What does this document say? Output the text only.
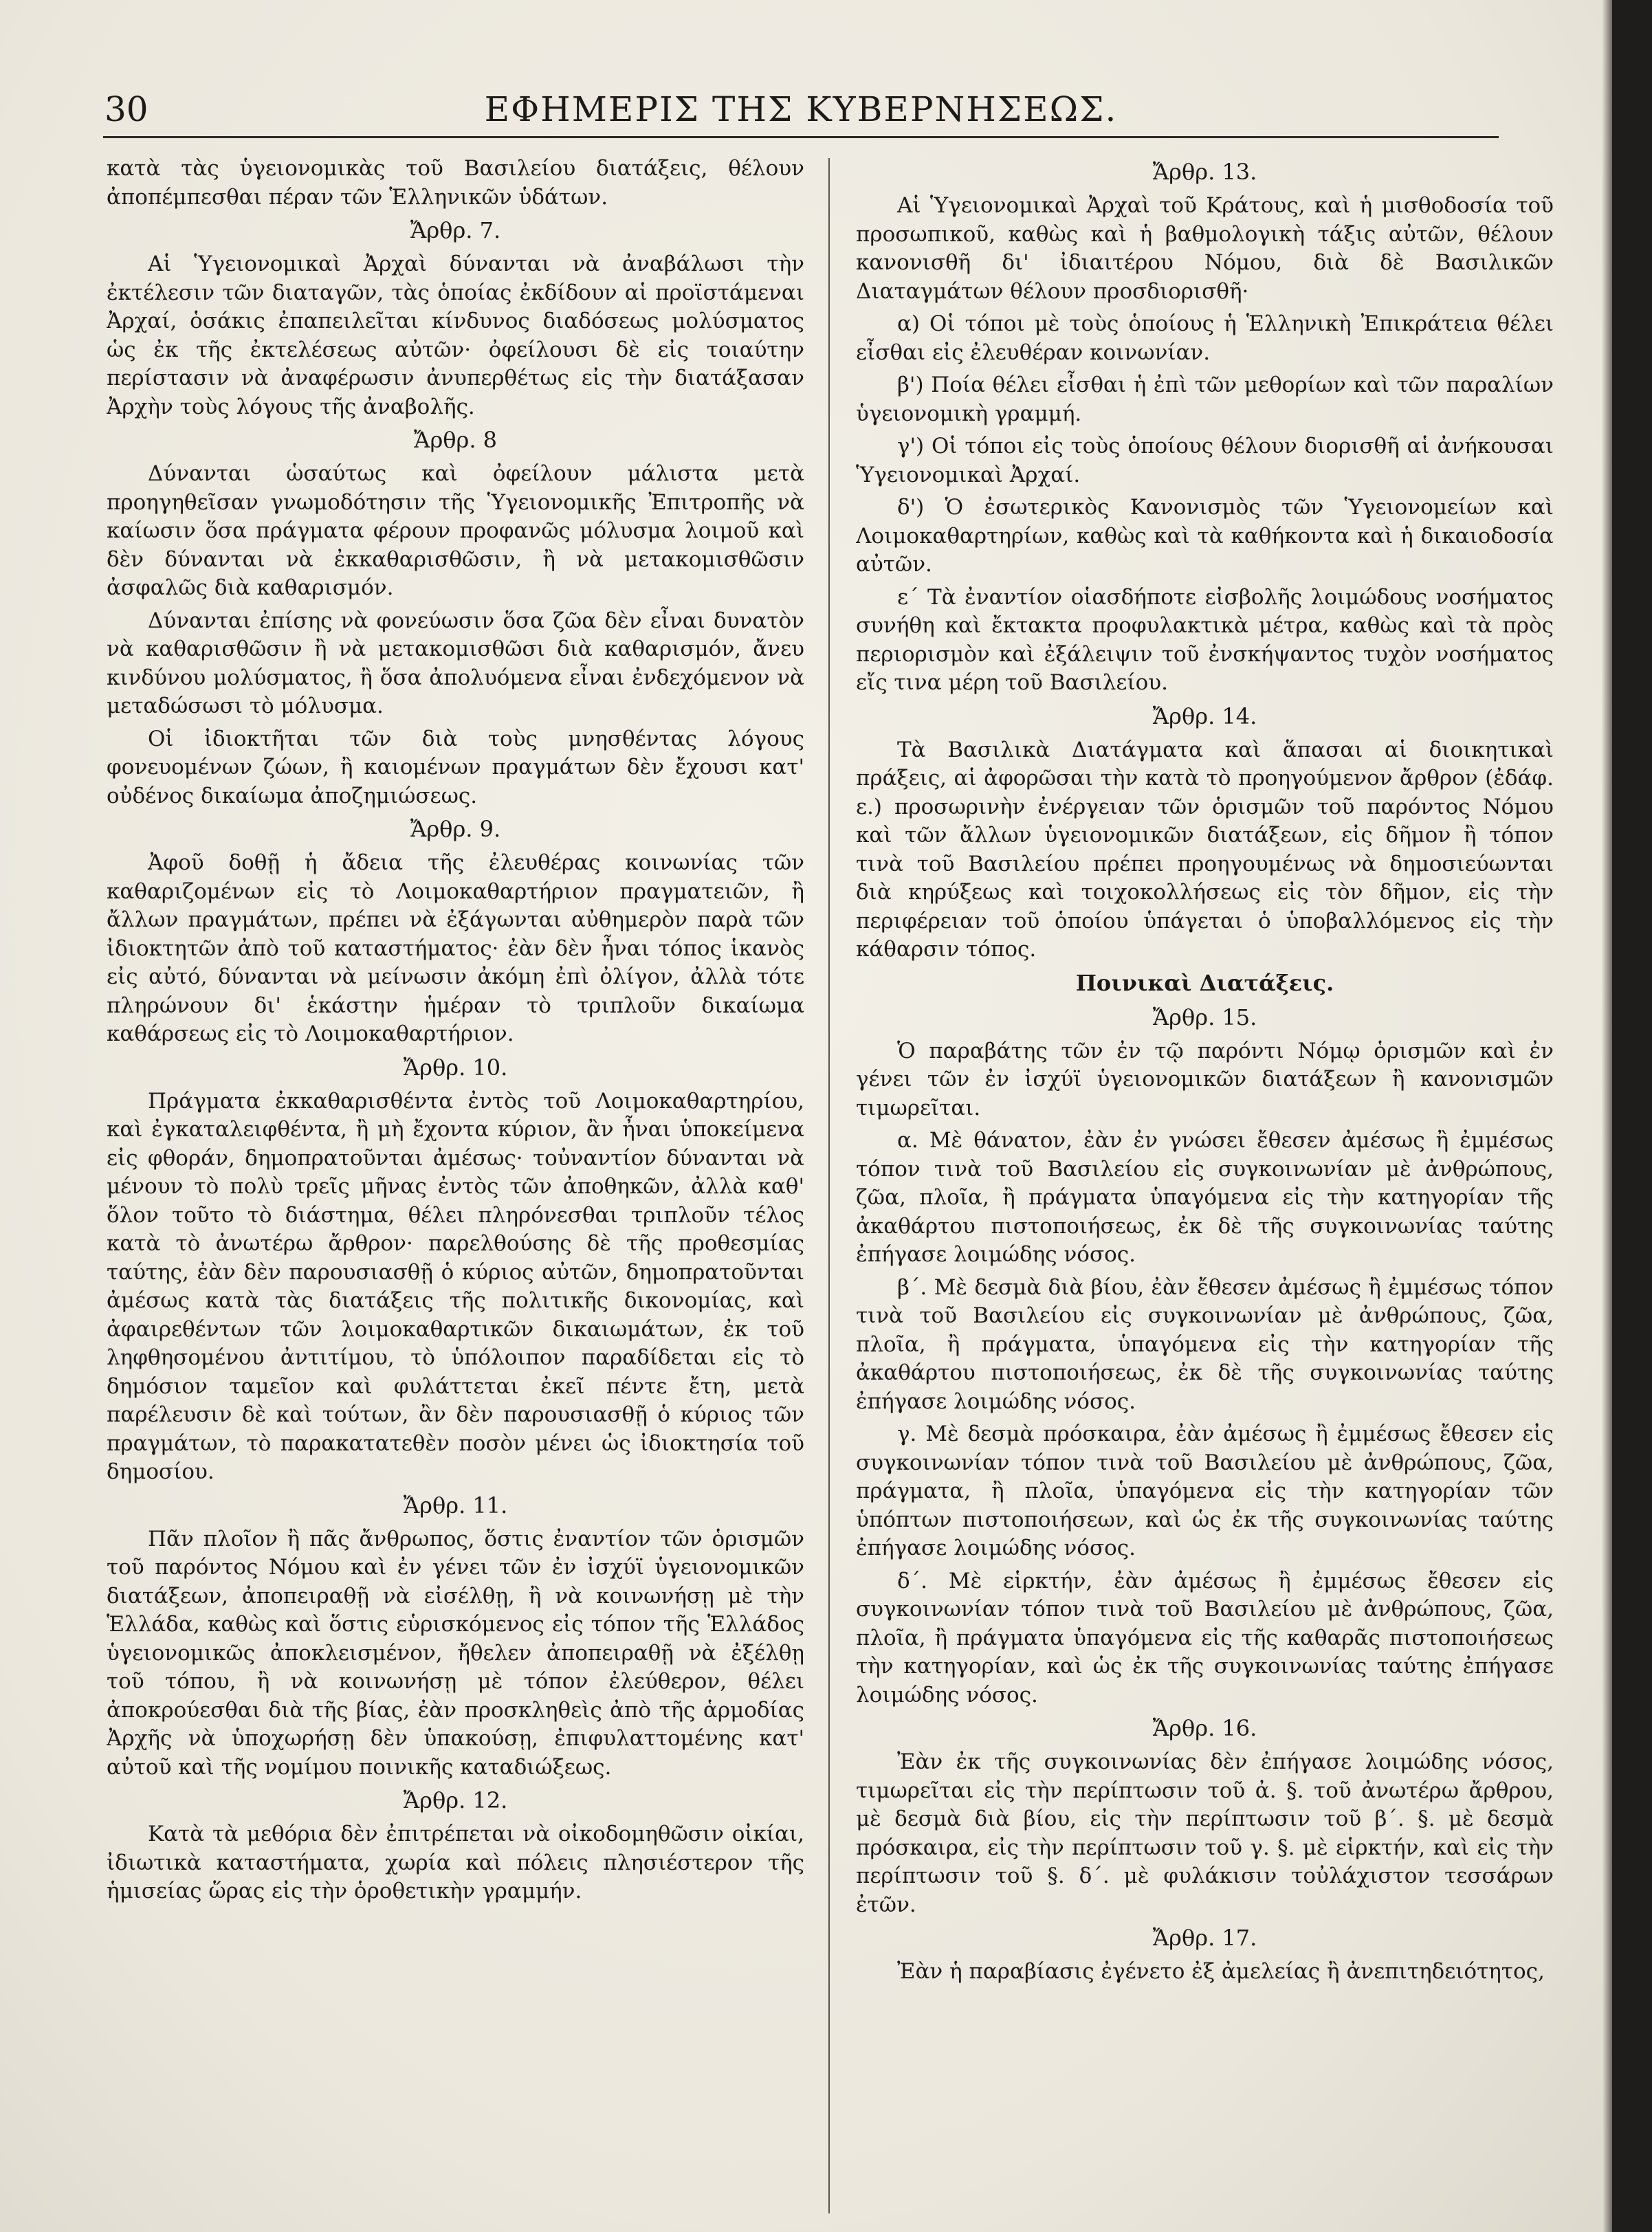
30	ΕΦΗΜΕΡΙΣ ΤΗΣ ΚΥΒΕΡΝΗΣΕΩΣ.

κατὰ τὰς ὑγειονομικὰς τοῦ Βασιλείου διατάξεις, θέλουν ἀποπέμπεσθαι πέραν τῶν Ἑλληνικῶν ὑδάτων.

Ἄρθρ. 7.

Αἱ Ὑγειονομικαὶ Ἀρχαὶ δύνανται νὰ ἀναβάλωσι τὴν ἐκτέλεσιν τῶν διαταγῶν, τὰς ὁποίας ἐκδίδουν αἱ προϊστάμεναι Ἀρχαί, ὁσάκις ἐπαπειλεῖται κίνδυνος διαδόσεως μολύσματος ὡς ἐκ τῆς ἐκτελέσεως αὐτῶν· ὀφείλουσι δὲ εἰς τοιαύτην περίστασιν νὰ ἀναφέρωσιν ἀνυπερθέτως εἰς τὴν διατάξασαν Ἀρχὴν τοὺς λόγους τῆς ἀναβολῆς.

Ἄρθρ. 8

Δύνανται ὡσαύτως καὶ ὀφείλουν μάλιστα μετὰ προηγηθεῖσαν γνωμοδότησιν τῆς Ὑγειονομικῆς Ἐπιτροπῆς νὰ καίωσιν ὅσα πράγματα φέρουν προφανῶς μόλυσμα λοιμοῦ καὶ δὲν δύνανται νὰ ἐκκαθαρισθῶσιν, ἢ νὰ μετακομισθῶσιν ἀσφαλῶς διὰ καθαρισμόν.

Δύνανται ἐπίσης νὰ φονεύωσιν ὅσα ζῶα δὲν εἶναι δυνατὸν νὰ καθαρισθῶσιν ἢ νὰ μετακομισθῶσι διὰ καθαρισμόν, ἄνευ κινδύνου μολύσματος, ἢ ὅσα ἀπολυόμενα εἶναι ἐνδεχόμενον νὰ μεταδώσωσι τὸ μόλυσμα.

Οἱ ἰδιοκτῆται τῶν διὰ τοὺς μνησθέντας λόγους φονευομένων ζώων, ἢ καιομένων πραγμάτων δὲν ἔχουσι κατ' οὐδένος δικαίωμα ἀποζημιώσεως.

Ἄρθρ. 9.

Ἀφοῦ δοθῇ ἡ ἄδεια τῆς ἐλευθέρας κοινωνίας τῶν καθαριζομένων εἰς τὸ Λοιμοκαθαρτήριον πραγματειῶν, ἢ ἄλλων πραγμάτων, πρέπει νὰ ἐξάγωνται αὐθημερὸν παρὰ τῶν ἰδιοκτητῶν ἀπὸ τοῦ καταστήματος· ἐὰν δὲν ἦναι τόπος ἱκανὸς εἰς αὐτό, δύνανται νὰ μείνωσιν ἀκόμη ἐπὶ ὀλίγον, ἀλλὰ τότε πληρώνουν δι' ἑκάστην ἡμέραν τὸ τριπλοῦν δικαίωμα καθάρσεως εἰς τὸ Λοιμοκαθαρτήριον.

Ἄρθρ. 10.

Πράγματα ἐκκαθαρισθέντα ἐντὸς τοῦ Λοιμοκαθαρτηρίου, καὶ ἐγκαταλειφθέντα, ἢ μὴ ἔχοντα κύριον, ἂν ἦναι ὑποκείμενα εἰς φθοράν, δημοπρατοῦνται ἀμέσως· τοὐναντίον δύνανται νὰ μένουν τὸ πολὺ τρεῖς μῆνας ἐντὸς τῶν ἀποθηκῶν, ἀλλὰ καθ' ὅλον τοῦτο τὸ διάστημα, θέλει πληρόνεσθαι τριπλοῦν τέλος κατὰ τὸ ἀνωτέρω ἄρθρον· παρελθούσης δὲ τῆς προθεσμίας ταύτης, ἐὰν δὲν παρουσιασθῇ ὁ κύριος αὐτῶν, δημοπρατοῦνται ἀμέσως κατὰ τὰς διατάξεις τῆς πολιτικῆς δικονομίας, καὶ ἀφαιρεθέντων τῶν λοιμοκαθαρτικῶν δικαιωμάτων, ἐκ τοῦ ληφθησομένου ἀντιτίμου, τὸ ὑπόλοιπον παραδίδεται εἰς τὸ δημόσιον ταμεῖον καὶ φυλάττεται ἐκεῖ πέντε ἔτη, μετὰ παρέλευσιν δὲ καὶ τούτων, ἂν δὲν παρουσιασθῇ ὁ κύριος τῶν πραγμάτων, τὸ παρακατατεθὲν ποσὸν μένει ὡς ἰδιοκτησία τοῦ δημοσίου.

Ἄρθρ. 11.

Πᾶν πλοῖον ἢ πᾶς ἄνθρωπος, ὅστις ἐναντίον τῶν ὁρισμῶν τοῦ παρόντος Νόμου καὶ ἐν γένει τῶν ἐν ἰσχύϊ ὑγειονομικῶν διατάξεων, ἀποπειραθῇ νὰ εἰσέλθῃ, ἢ νὰ κοινωνήσῃ μὲ τὴν Ἑλλάδα, καθὼς καὶ ὅστις εὑρισκόμενος εἰς τόπον τῆς Ἑλλάδος ὑγειονομικῶς ἀποκλεισμένον, ἤθελεν ἀποπειραθῇ νὰ ἐξέλθῃ τοῦ τόπου, ἢ νὰ κοινωνήσῃ μὲ τόπον ἐλεύθερον, θέλει ἀποκρούεσθαι διὰ τῆς βίας, ἐὰν προσκληθεὶς ἀπὸ τῆς ἁρμοδίας Ἀρχῆς νὰ ὑποχωρήσῃ δὲν ὑπακούσῃ, ἐπιφυλαττομένης κατ' αὐτοῦ καὶ τῆς νομίμου ποινικῆς καταδιώξεως.

Ἄρθρ. 12.

Κατὰ τὰ μεθόρια δὲν ἐπιτρέπεται νὰ οἰκοδομηθῶσιν οἰκίαι, ἰδιωτικὰ καταστήματα, χωρία καὶ πόλεις πλησιέστερον τῆς ἡμισείας ὥρας εἰς τὴν ὁροθετικὴν γραμμήν.

Ἄρθρ. 13.

Αἱ Ὑγειονομικαὶ Ἀρχαὶ τοῦ Κράτους, καὶ ἡ μισθοδοσία τοῦ προσωπικοῦ, καθὼς καὶ ἡ βαθμολογικὴ τάξις αὐτῶν, θέλουν κανονισθῆ δι' ἰδιαιτέρου Νόμου, διὰ δὲ Βασιλικῶν Διαταγμάτων θέλουν προσδιορισθῆ·

α) Οἱ τόποι μὲ τοὺς ὁποίους ἡ Ἑλληνικὴ Ἐπικράτεια θέλει εἶσθαι εἰς ἐλευθέραν κοινωνίαν.

β') Ποία θέλει εἶσθαι ἡ ἐπὶ τῶν μεθορίων καὶ τῶν παραλίων ὑγειονομικὴ γραμμή.

γ') Οἱ τόποι εἰς τοὺς ὁποίους θέλουν διορισθῆ αἱ ἀνήκουσαι Ὑγειονομικαὶ Ἀρχαί.

δ') Ὁ ἐσωτερικὸς Κανονισμὸς τῶν Ὑγειονομείων καὶ Λοιμοκαθαρτηρίων, καθὼς καὶ τὰ καθήκοντα καὶ ἡ δικαιοδοσία αὐτῶν.

ε΄ Τὰ ἐναντίον οἱασδήποτε εἰσβολῆς λοιμώδους νοσήματος συνήθη καὶ ἔκτακτα προφυλακτικὰ μέτρα, καθὼς καὶ τὰ πρὸς περιορισμὸν καὶ ἐξάλειψιν τοῦ ἐνσκήψαντος τυχὸν νοσήματος εἴς τινα μέρη τοῦ Βασιλείου.

Ἄρθρ. 14.

Τὰ Βασιλικὰ Διατάγματα καὶ ἅπασαι αἱ διοικητικαὶ πράξεις, αἱ ἀφορῶσαι τὴν κατὰ τὸ προηγούμενον ἄρθρον (ἐδάφ. ε.) προσωρινὴν ἐνέργειαν τῶν ὁρισμῶν τοῦ παρόντος Νόμου καὶ τῶν ἄλλων ὑγειονομικῶν διατάξεων, εἰς δῆμον ἢ τόπον τινὰ τοῦ Βασιλείου πρέπει προηγουμένως νὰ δημοσιεύωνται διὰ κηρύξεως καὶ τοιχοκολλήσεως εἰς τὸν δῆμον, εἰς τὴν περιφέρειαν τοῦ ὁποίου ὑπάγεται ὁ ὑποβαλλόμενος εἰς τὴν κάθαρσιν τόπος.

Ποινικαὶ Διατάξεις.
Ἄρθρ. 15.

Ὁ παραβάτης τῶν ἐν τῷ παρόντι Νόμῳ ὁρισμῶν καὶ ἐν γένει τῶν ἐν ἰσχύϊ ὑγειονομικῶν διατάξεων ἢ κανονισμῶν τιμωρεῖται.

α. Μὲ θάνατον, ἐὰν ἐν γνώσει ἔθεσεν ἀμέσως ἢ ἐμμέσως τόπον τινὰ τοῦ Βασιλείου εἰς συγκοινωνίαν μὲ ἀνθρώπους, ζῶα, πλοῖα, ἢ πράγματα ὑπαγόμενα εἰς τὴν κατηγορίαν τῆς ἀκαθάρτου πιστοποιήσεως, ἐκ δὲ τῆς συγκοινωνίας ταύτης ἐπήγασε λοιμώδης νόσος.

β΄. Μὲ δεσμὰ διὰ βίου, ἐὰν ἔθεσεν ἀμέσως ἢ ἐμμέσως τόπον τινὰ τοῦ Βασιλείου εἰς συγκοινωνίαν μὲ ἀνθρώπους, ζῶα, πλοῖα, ἢ πράγματα, ὑπαγόμενα εἰς τὴν κατηγορίαν τῆς ἀκαθάρτου πιστοποιήσεως, ἐκ δὲ τῆς συγκοινωνίας ταύτης ἐπήγασε λοιμώδης νόσος.

γ. Μὲ δεσμὰ πρόσκαιρα, ἐὰν ἀμέσως ἢ ἐμμέσως ἔθεσεν εἰς συγκοινωνίαν τόπον τινὰ τοῦ Βασιλείου μὲ ἀνθρώπους, ζῶα, πράγματα, ἢ πλοῖα, ὑπαγόμενα εἰς τὴν κατηγορίαν τῶν ὑπόπτων πιστοποιήσεων, καὶ ὡς ἐκ τῆς συγκοινωνίας ταύτης ἐπήγασε λοιμώδης νόσος.

δ΄. Μὲ εἱρκτήν, ἐὰν ἀμέσως ἢ ἐμμέσως ἔθεσεν εἰς συγκοινωνίαν τόπον τινὰ τοῦ Βασιλείου μὲ ἀνθρώπους, ζῶα, πλοῖα, ἢ πράγματα ὑπαγόμενα εἰς τῆς καθαρᾶς πιστοποιήσεως τὴν κατηγορίαν, καὶ ὡς ἐκ τῆς συγκοινωνίας ταύτης ἐπήγασε λοιμώδης νόσος.

Ἄρθρ. 16.

Ἐὰν ἐκ τῆς συγκοινωνίας δὲν ἐπήγασε λοιμώδης νόσος, τιμωρεῖται εἰς τὴν περίπτωσιν τοῦ ἀ. §. τοῦ ἀνωτέρω ἄρθρου, μὲ δεσμὰ διὰ βίου, εἰς τὴν περίπτωσιν τοῦ β΄. §. μὲ δεσμὰ πρόσκαιρα, εἰς τὴν περίπτωσιν τοῦ γ. §. μὲ εἱρκτήν, καὶ εἰς τὴν περίπτωσιν τοῦ §. δ΄. μὲ φυλάκισιν τοὐλάχιστον τεσσάρων ἐτῶν.

Ἄρθρ. 17.

Ἐὰν ἡ παραβίασις ἐγένετο ἐξ ἀμελείας ἢ ἀνεπιτηδειότητος,
